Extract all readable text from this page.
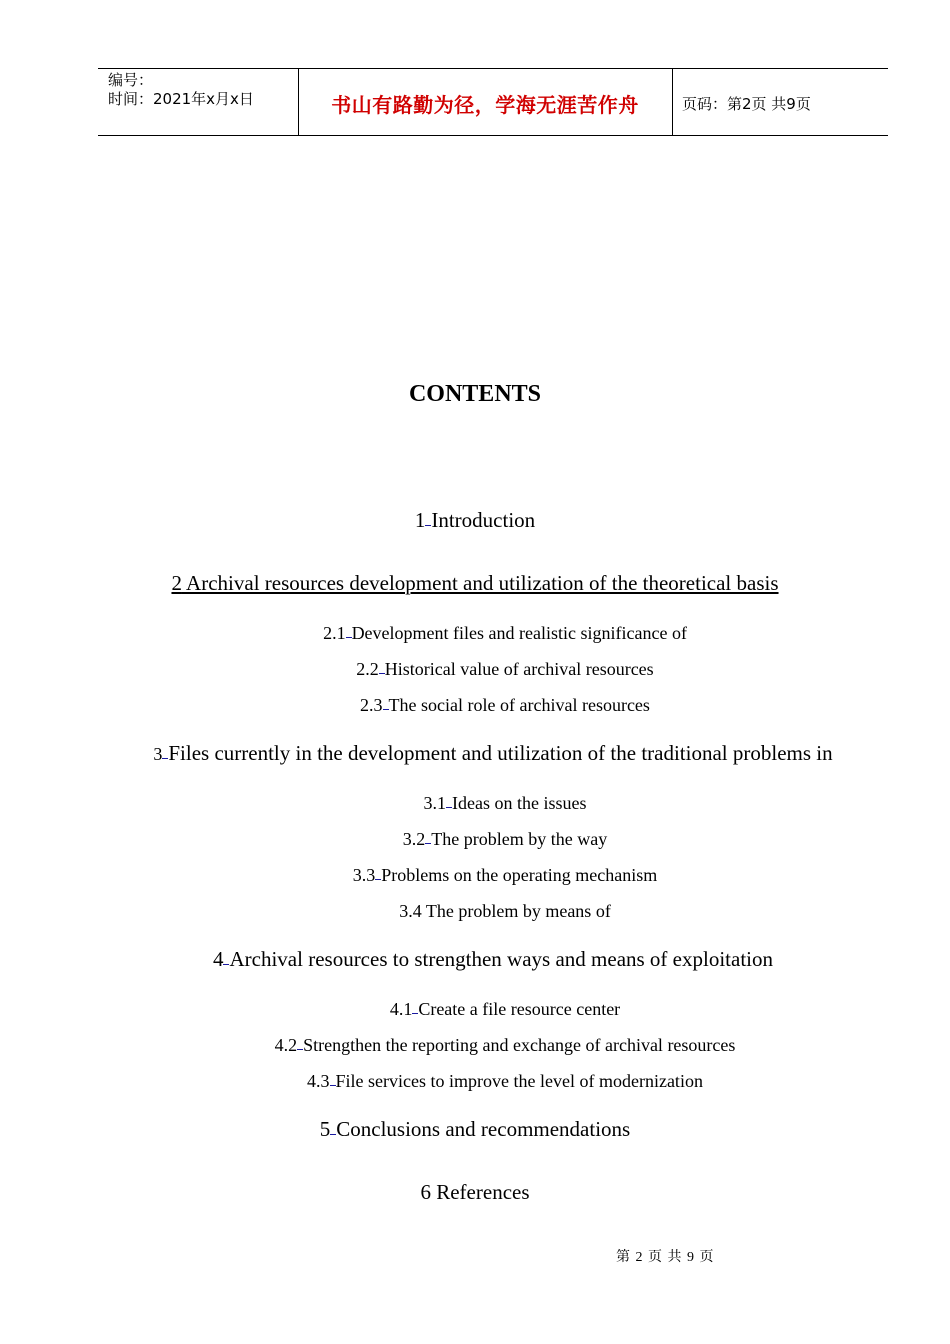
编号：
时间：2021年x月x日	书山有路勤为径，学海无涯苦作舟	页码：第2页 共9页
CONTENTS
1 Introduction
2 Archival resources development and utilization of the theoretical basis
2.1 Development files and realistic significance of
2.2 Historical value of archival resources
2.3 The social role of archival resources
3 Files currently in the development and utilization of the traditional problems in
3.1 Ideas on the issues
3.2 The problem by the way
3.3 Problems on the operating mechanism
3.4 The problem by means of
4 Archival resources to strengthen ways and means of exploitation
4.1 Create a file resource center
4.2 Strengthen the reporting and exchange of archival resources
4.3 File services to improve the level of modernization
5 Conclusions and recommendations
6 References
第 2 页 共 9 页
